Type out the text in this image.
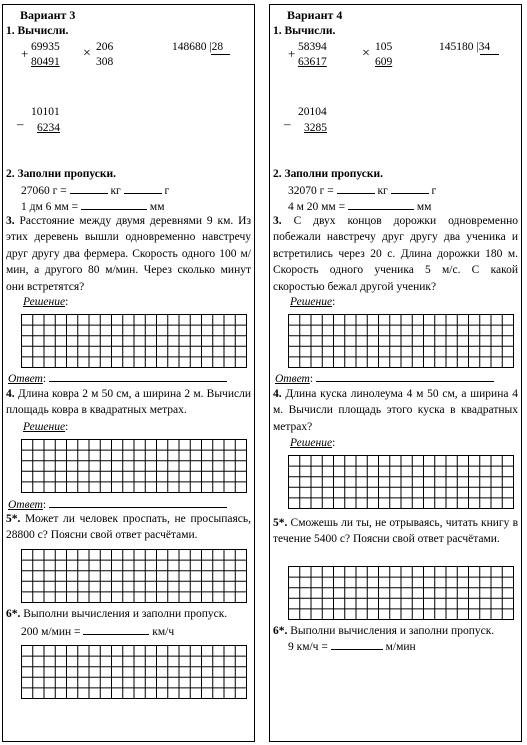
Вариант 3
1. Вычисли.
+ 69935
80491
× 206
308
148680 |28
–
10101
6234
2. Заполни пропуски.
27060 г =	кг	г
1 дм 6 мм =	мм
3. Расстояние между двумя деревнями 9 км. Из этих деревень вышли одновременно навстречу друг другу два фермера. Скорость одного 100 м/мин, а другого 80 м/мин. Через сколько минут они встретятся?
Решение:
Ответ:
4. Длина ковра 2 м 50 см, а ширина 2 м. Вычисли площадь ковра в квадратных метрах.
Решение:
Ответ:
5*. Может ли человек проспать, не просыпаясь, 28800 с? Поясни свой ответ расчётами.
6*. Выполни вычисления и заполни пропуск.
200 м/мин =	км/ч
Вариант 4
1. Вычисли.
+ 58394
63617
× 105
609
145180 |34
–
20104
3285
2. Заполни пропуски.
32070 г =	кг	г
4 м 20 мм =	мм
3. С двух концов дорожки одновременно побежали навстречу друг другу два ученика и встретились через 20 с. Длина дорожки 180 м. Скорость одного ученика 5 м/с. С какой скоростью бежал другой ученик?
Решение:
Ответ:
4. Длина куска линолеума 4 м 50 см, а ширина 4 м. Вычисли площадь этого куска в квадратных метрах?
Решение:
5*. Сможешь ли ты, не отрываясь, читать книгу в течение 5400 с? Поясни свой ответ расчётами.
6*. Выполни вычисления и заполни пропуск.
9 км/ч =	м/мин
